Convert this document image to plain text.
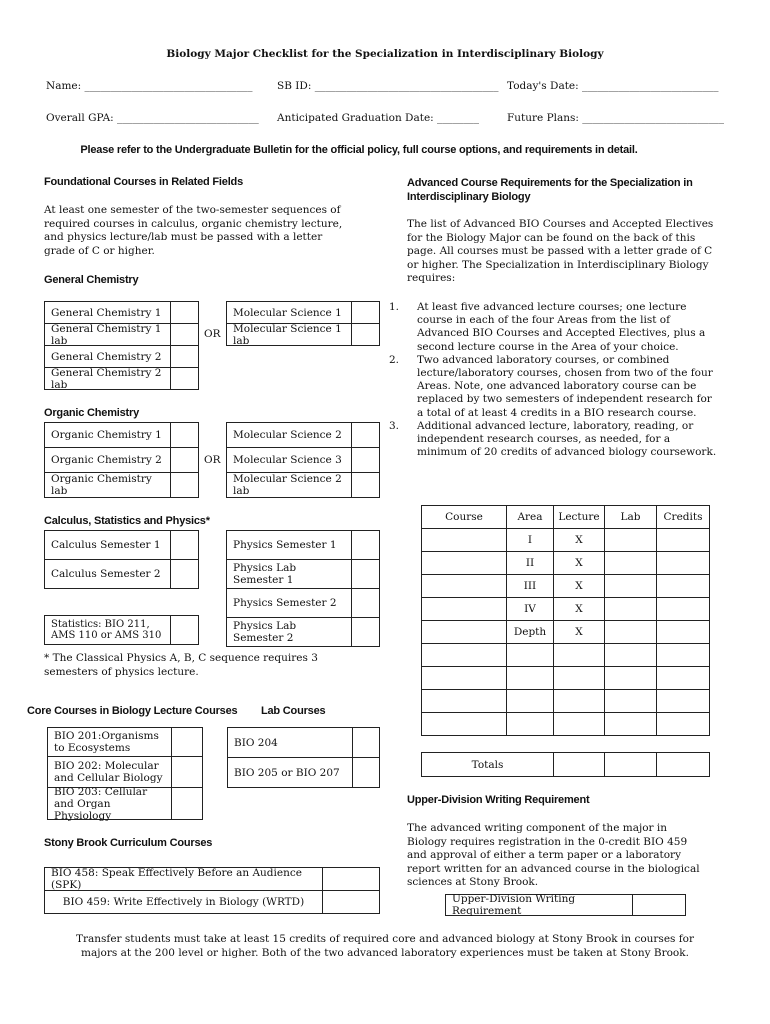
Biology Major Checklist for the Specialization in Interdisciplinary Biology
Name: ________________________________ SB ID: ___________________________________ Today's Date: __________________________
Overall GPA: ___________________________ Anticipated Graduation Date: ________	Future Plans: ___________________________
Please refer to the Undergraduate Bulletin for the official policy, full course options, and requirements in detail.
Foundational Courses in Related Fields
At least one semester of the two-semester sequences of required courses in calculus, organic chemistry lecture, and physics lecture/lab must be passed with a letter grade of C or higher.
General Chemistry
General Chemistry 1
General Chemistry 1 lab
General Chemistry 2
General Chemistry 2 lab
OR
Molecular Science 1
Molecular Science 1 lab
Organic Chemistry
Organic Chemistry 1
Organic Chemistry 2
Organic Chemistry lab
OR
Molecular Science 2
Molecular Science 3
Molecular Science 2 lab
Calculus, Statistics and Physics*
Calculus Semester 1
Calculus Semester 2
Statistics: BIO 211, AMS 110 or AMS 310
Physics Semester 1
Physics Lab Semester 1
Physics Semester 2
Physics Lab Semester 2
* The Classical Physics A, B, C sequence requires 3 semesters of physics lecture.
Core Courses in Biology Lecture Courses Lab Courses
BIO 201:Organisms to Ecosystems
BIO 202: Molecular and Cellular Biology
BIO 203: Cellular and Organ Physiology
BIO 204
BIO 205 or BIO 207
Stony Brook Curriculum Courses
BIO 458: Speak Effectively Before an Audience (SPK)
BIO 459: Write Effectively in Biology (WRTD)
Advanced Course Requirements for the Specialization in Interdisciplinary Biology
The list of Advanced BIO Courses and Accepted Electives for the Biology Major can be found on the back of this page. All courses must be passed with a letter grade of C or higher. The Specialization in Interdisciplinary Biology requires:
1. At least five advanced lecture courses; one lecture course in each of the four Areas from the list of Advanced BIO Courses and Accepted Electives, plus a second lecture course in the Area of your choice.
2. Two advanced laboratory courses, or combined lecture/laboratory courses, chosen from two of the four Areas. Note, one advanced laboratory course can be replaced by two semesters of independent research for a total of at least 4 credits in a BIO research course.
3. Additional advanced lecture, laboratory, reading, or independent research courses, as needed, for a minimum of 20 credits of advanced biology coursework.
Course	Area	Lecture	Lab	Credits
	I	X		
	II	X		
	III	X		
	IV	X		
	Depth	X		

Totals			
Upper-Division Writing Requirement
The advanced writing component of the major in Biology requires registration in the 0-credit BIO 459 and approval of either a term paper or a laboratory report written for an advanced course in the biological sciences at Stony Brook.
Upper-Division Writing Requirement
Transfer students must take at least 15 credits of required core and advanced biology at Stony Brook in courses for majors at the 200 level or higher. Both of the two advanced laboratory experiences must be taken at Stony Brook.
